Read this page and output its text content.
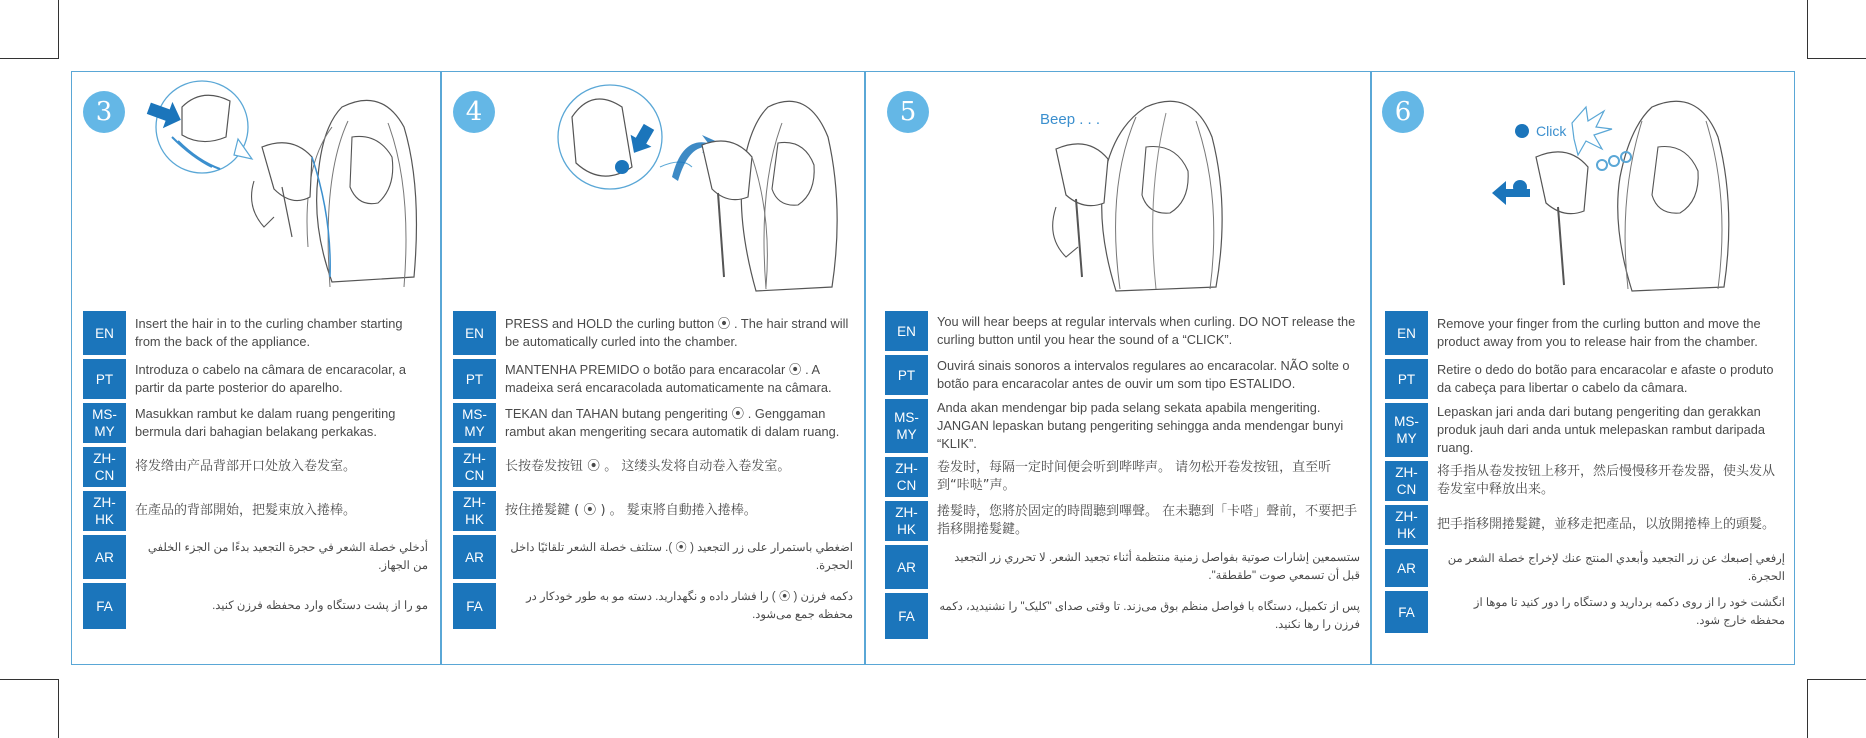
3
EN
Insert the hair in to the curling chamber starting from the back of the appliance.
PT
Introduza o cabelo na câmara de encaracolar, a partir da parte posterior do aparelho.
MS-
MY
Masukkan rambut ke dalam ruang pengeriting bermula dari bahagian belakang perkakas.
ZH-
CN
将发绺由产品背部开口处放入卷发室。
ZH-
HK
在產品的背部開始，把髮束放入捲棒。
AR
أدخلي خصلة الشعر في حجرة التجعيد بدءًا من الجزء الخلفي من الجهاز.
FA	مو را از پشت دستگاه وارد محفظه فرزن کنید.
4
EN
PRESS and HOLD the curling button ⦿ . The hair strand will be automatically curled into the chamber.
PT
MANTENHA PREMIDO o botão para encaracolar ⦿ . A madeixa será encaracolada automaticamente na câmara.
MS-
MY
TEKAN dan TAHAN butang pengeriting ⦿ . Genggaman rambut akan mengeriting secara automatik di dalam ruang.
ZH-
CN
长按卷发按钮 ⦿ 。 这缕头发将自动卷入卷发室。
ZH-
HK
按住捲髮鍵 ( ⦿ ) 。 髮束將自動捲入捲棒。
AR
اضغطي باستمرار على زر التجعيد ( ⦿ ). ستلتف خصلة الشعر تلقائيًا داخل الحجرة.
FA
دکمه فرزن ( ⦿ ) را فشار داده و نگهدارید. دسته مو به طور خودکار در محفظه جمع می‌شود.
5	Beep . . .
EN
You will hear beeps at regular intervals when curling. DO NOT release the curling button until you hear the sound of a “CLICK”.
PT
Ouvirá sinais sonoros a intervalos regulares ao encaracolar. NÃO solte o botão para encaracolar antes de ouvir um som tipo ESTALIDO.
MS-
MY
Anda akan mendengar bip pada selang sekata apabila mengeriting. JANGAN lepaskan butang pengeriting sehingga anda mendengar bunyi “KLIK”.
ZH-
CN
卷发时，每隔一定时间便会听到哔哔声。 请勿松开卷发按钮，直至听到“咔哒”声。
ZH-
HK
捲髮時，您將於固定的時間聽到嗶聲。 在未聽到「卡嗒」聲前，不要把手指移開捲髮鍵。
AR
ستسمعين إشارات صوتية بفواصل زمنية منتظمة أثناء تجعيد الشعر. لا تحرري زر التجعيد قبل أن تسمعي صوت "طقطقة".
FA
پس از تکمیل، دستگاه با فواصل منظم بوق می‌زند. تا وقتی صدای "کلیک" را نشنیدید، دکمه فرزن را رها نکنید.
6
Click
EN
Remove your finger from the curling button and move the product away from you to release hair from the chamber.
PT
Retire o dedo do botão para encaracolar e afaste o produto da cabeça para libertar o cabelo da câmara.
MS-
MY
Lepaskan jari anda dari butang pengeriting dan gerakkan produk jauh dari anda untuk melepaskan rambut daripada ruang.
ZH-
CN
将手指从卷发按钮上移开，然后慢慢移开卷发器，使头发从卷发室中释放出来。
ZH-
HK
把手指移開捲髮鍵，並移走把產品，以放開捲棒上的頭髮。
AR
إرفعي إصبعك عن زر التجعيد وأبعدي المنتج عنك لإخراج خصلة الشعر من الحجرة.
FA
انگشت خود را از روی دکمه بردارید و دستگاه را دور کنید تا موها از محفظه خارج شود.
